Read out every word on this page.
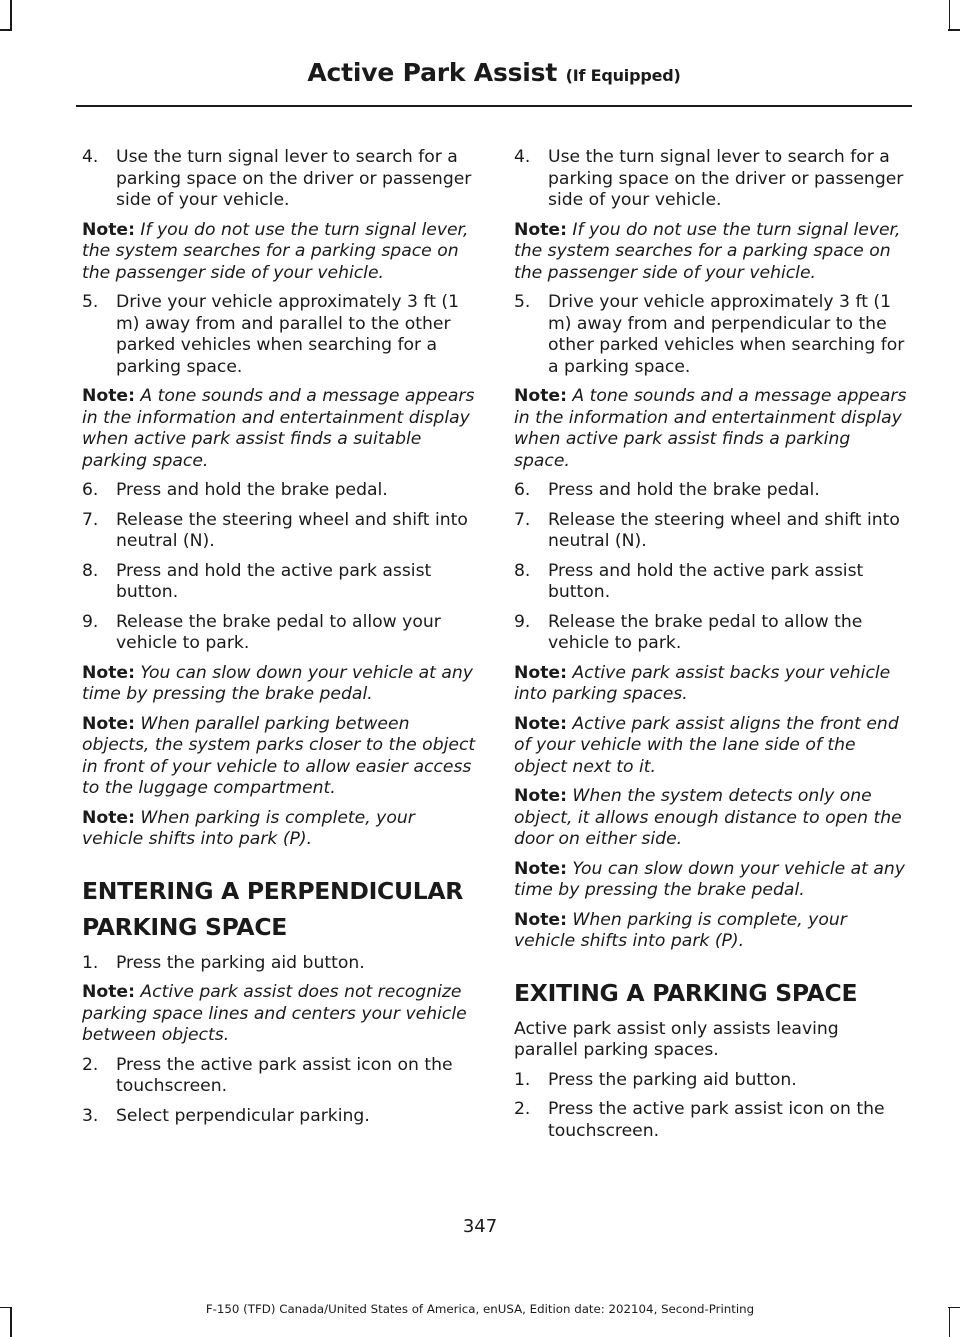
Active Park Assist (If Equipped)
4. Use the turn signal lever to search for a parking space on the driver or passenger side of your vehicle.
Note: If you do not use the turn signal lever, the system searches for a parking space on the passenger side of your vehicle.
5. Drive your vehicle approximately 3 ft (1 m) away from and parallel to the other parked vehicles when searching for a parking space.
Note: A tone sounds and a message appears in the information and entertainment display when active park assist finds a suitable parking space.
6. Press and hold the brake pedal.
7. Release the steering wheel and shift into neutral (N).
8. Press and hold the active park assist button.
9. Release the brake pedal to allow your vehicle to park.
Note: You can slow down your vehicle at any time by pressing the brake pedal.
Note: When parallel parking between objects, the system parks closer to the object in front of your vehicle to allow easier access to the luggage compartment.
Note: When parking is complete, your vehicle shifts into park (P).
ENTERING A PERPENDICULAR PARKING SPACE
1. Press the parking aid button.
Note: Active park assist does not recognize parking space lines and centers your vehicle between objects.
2. Press the active park assist icon on the touchscreen.
3. Select perpendicular parking.
4. Use the turn signal lever to search for a parking space on the driver or passenger side of your vehicle.
Note: If you do not use the turn signal lever, the system searches for a parking space on the passenger side of your vehicle.
5. Drive your vehicle approximately 3 ft (1 m) away from and perpendicular to the other parked vehicles when searching for a parking space.
Note: A tone sounds and a message appears in the information and entertainment display when active park assist finds a parking space.
6. Press and hold the brake pedal.
7. Release the steering wheel and shift into neutral (N).
8. Press and hold the active park assist button.
9. Release the brake pedal to allow the vehicle to park.
Note: Active park assist backs your vehicle into parking spaces.
Note: Active park assist aligns the front end of your vehicle with the lane side of the object next to it.
Note: When the system detects only one object, it allows enough distance to open the door on either side.
Note: You can slow down your vehicle at any time by pressing the brake pedal.
Note: When parking is complete, your vehicle shifts into park (P).
EXITING A PARKING SPACE
Active park assist only assists leaving parallel parking spaces.
1. Press the parking aid button.
2. Press the active park assist icon on the touchscreen.
347
F-150 (TFD) Canada/United States of America, enUSA, Edition date: 202104, Second-Printing
